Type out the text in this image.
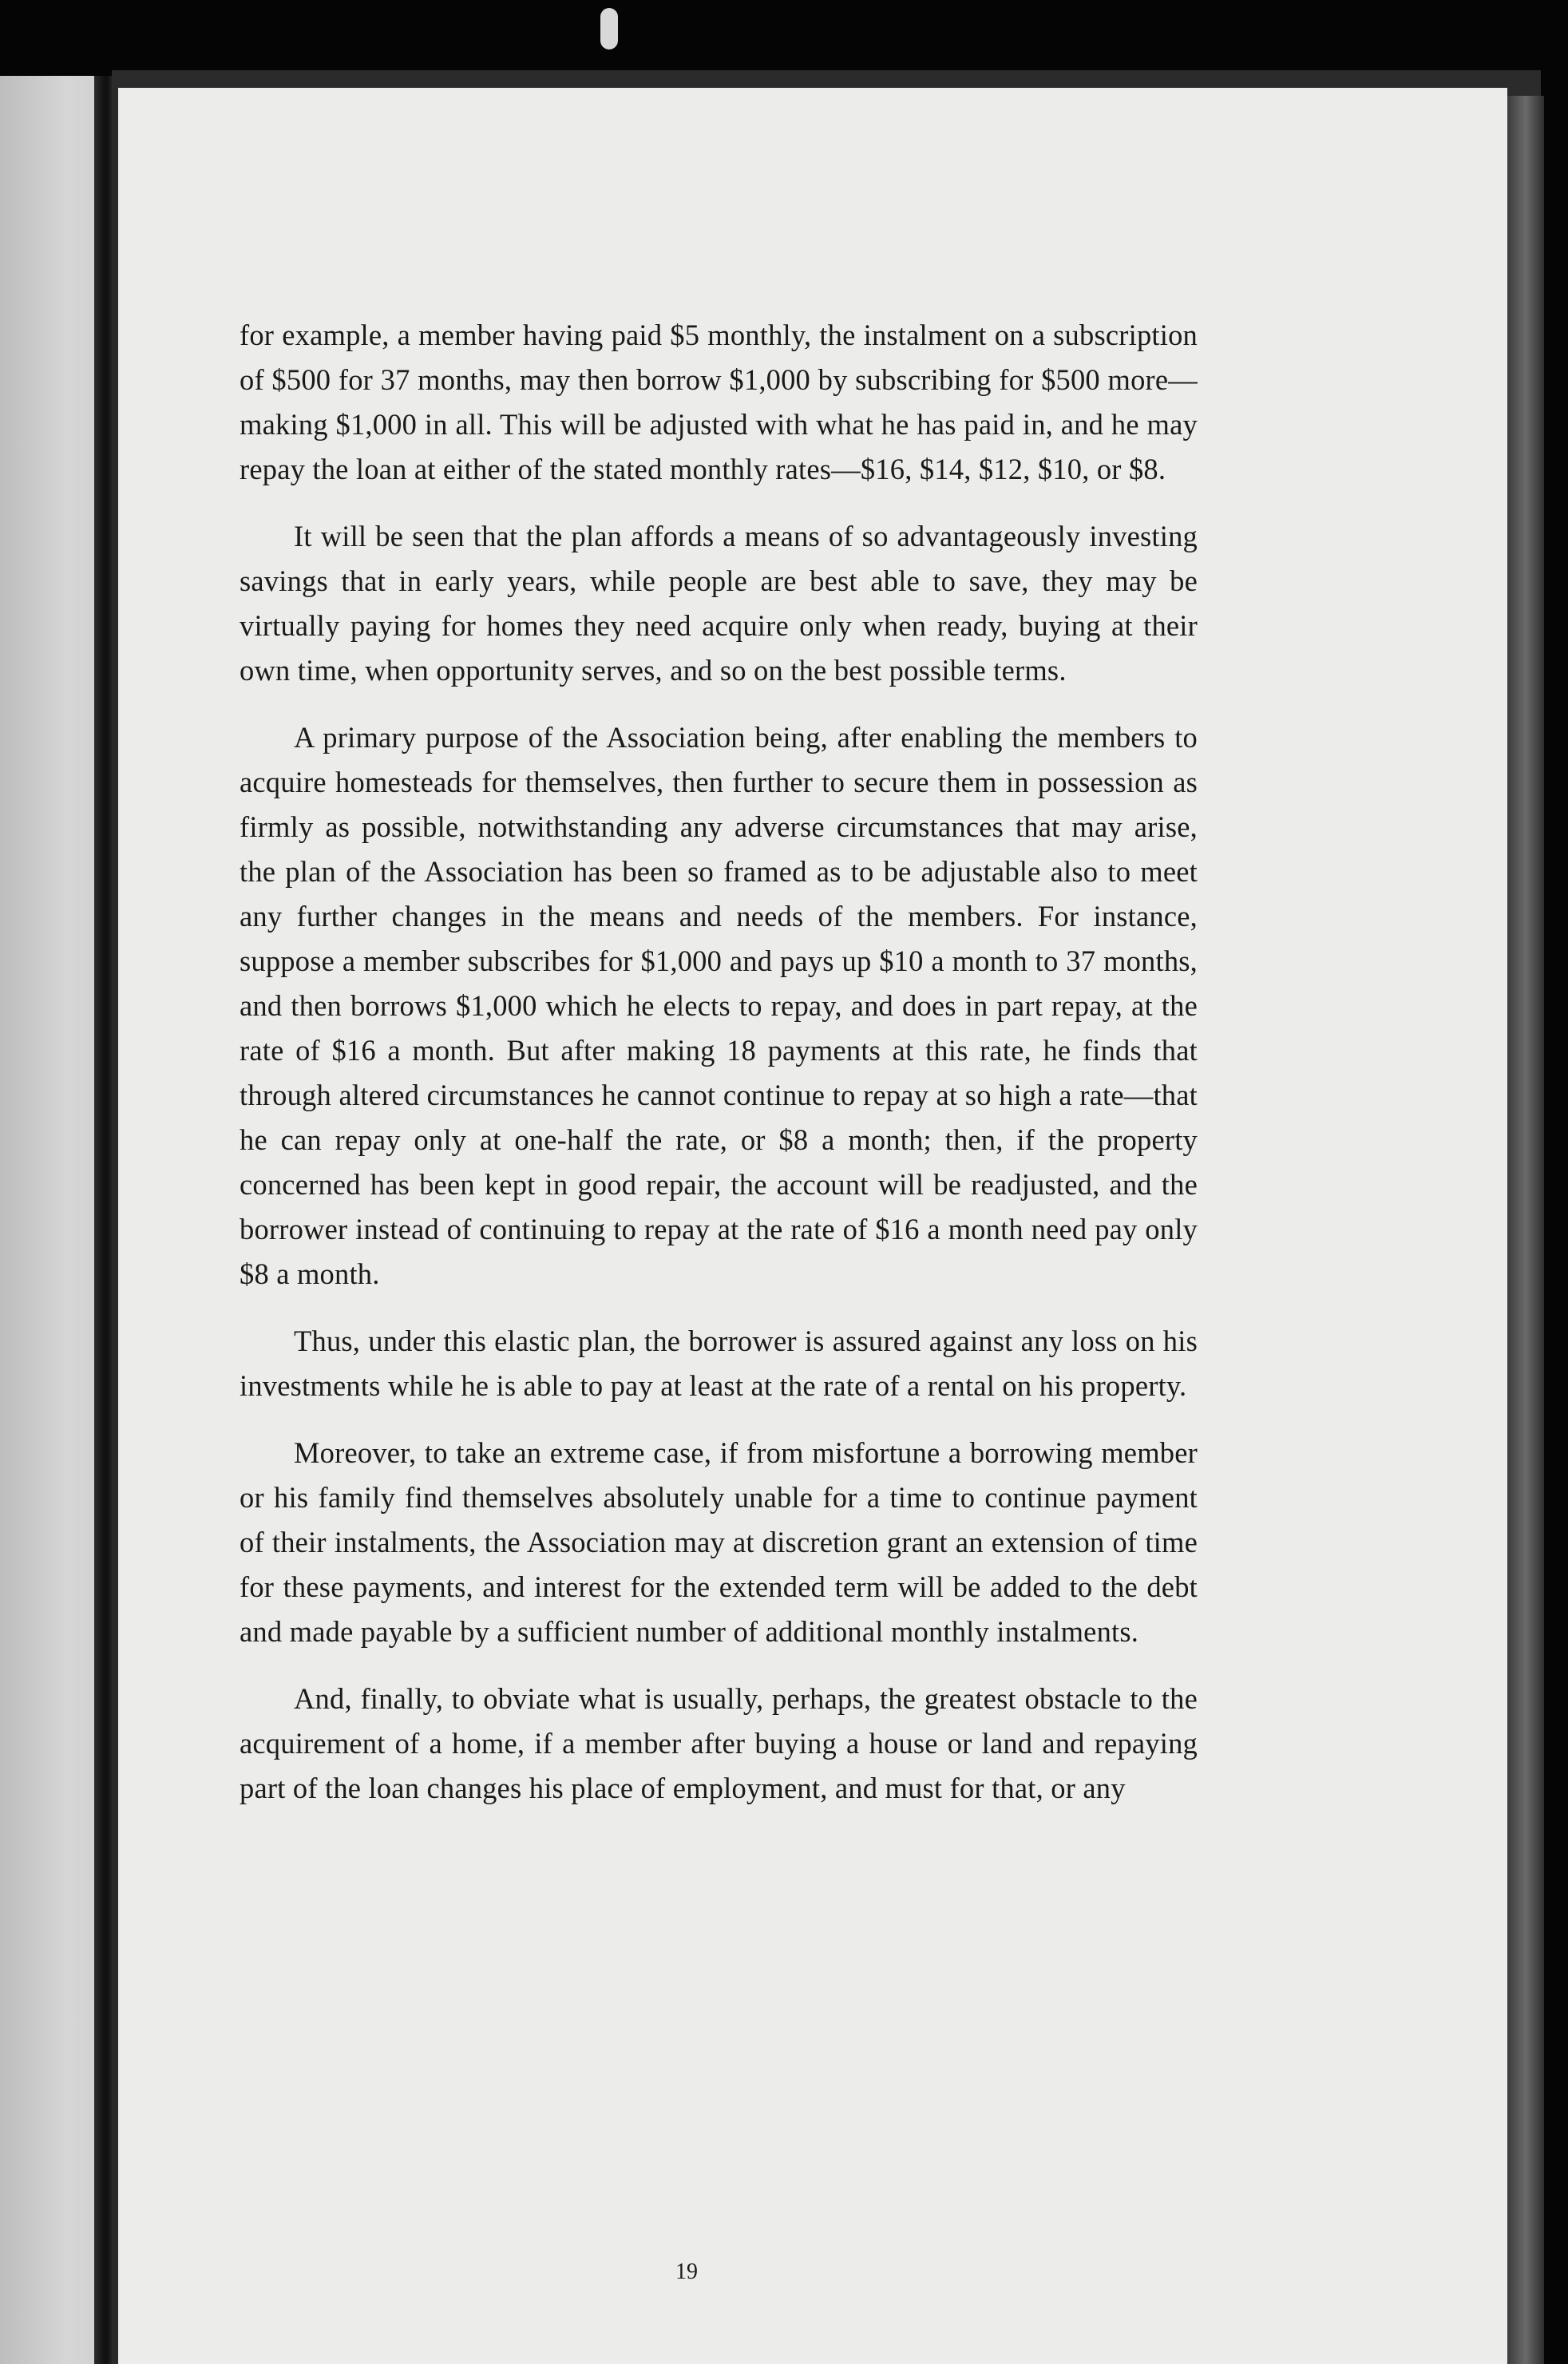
for example, a member having paid $5 monthly, the instalment on a subscription of $500 for 37 months, may then borrow $1,000 by subscribing for $500 more—making $1,000 in all. This will be adjusted with what he has paid in, and he may repay the loan at either of the stated monthly rates—$16, $14, $12, $10, or $8.

It will be seen that the plan affords a means of so advantageously investing savings that in early years, while people are best able to save, they may be virtually paying for homes they need acquire only when ready, buying at their own time, when opportunity serves, and so on the best possible terms.

A primary purpose of the Association being, after enabling the members to acquire homesteads for themselves, then further to secure them in possession as firmly as possible, notwithstanding any adverse circumstances that may arise, the plan of the Association has been so framed as to be adjustable also to meet any further changes in the means and needs of the members. For instance, suppose a member subscribes for $1,000 and pays up $10 a month to 37 months, and then borrows $1,000 which he elects to repay, and does in part repay, at the rate of $16 a month. But after making 18 payments at this rate, he finds that through altered circumstances he cannot continue to repay at so high a rate—that he can repay only at one-half the rate, or $8 a month; then, if the property concerned has been kept in good repair, the account will be readjusted, and the borrower instead of continuing to repay at the rate of $16 a month need pay only $8 a month.

Thus, under this elastic plan, the borrower is assured against any loss on his investments while he is able to pay at least at the rate of a rental on his property.

Moreover, to take an extreme case, if from misfortune a borrowing member or his family find themselves absolutely unable for a time to continue payment of their instalments, the Association may at discretion grant an extension of time for these payments, and interest for the extended term will be added to the debt and made payable by a sufficient number of additional monthly instalments.

And, finally, to obviate what is usually, perhaps, the greatest obstacle to the acquirement of a home, if a member after buying a house or land and repaying part of the loan changes his place of employment, and must for that, or any

19
